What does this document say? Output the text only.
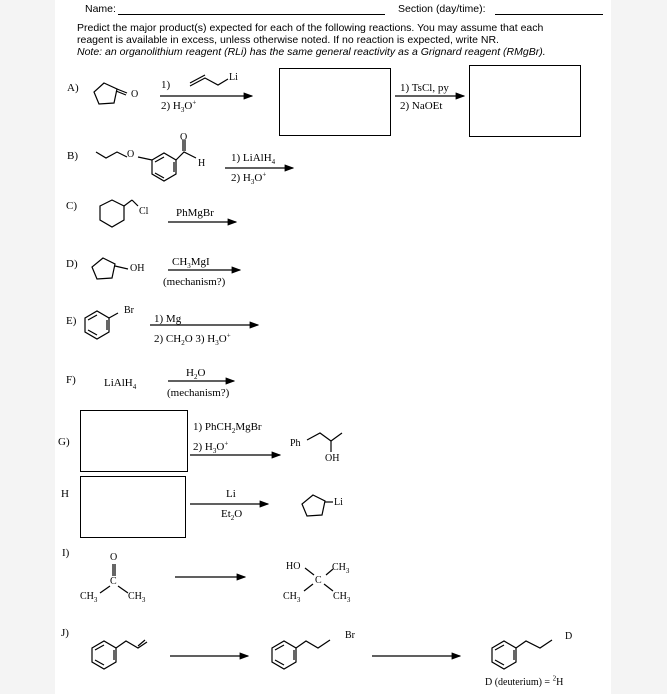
Name:	Section (day/time):
Predict the major product(s) expected for each of the following reactions. You may assume that each
reagent is available in excess, unless otherwise noted. If no reaction is expected, write NR.
Note: an organolithium reagent (RLi) has the same general reactivity as a Grignard reagent (RMgBr).
A)
O
1)
Li
2) $H_3O^+$
1) TsCl, py
2) NaOEt
B)	O
O
H 1) LiAlH$_4$
2) $H_3O^+$
C)	Cl	PhMgBr
D)	OH
$CH_3MgI$
(mechanism?)
E)
Br
1) Mg
2) $CH_2O$ 3) $H_3O^+$
F)	LiAlH$_4$
$H_2O$
(mechanism?)
G)
1) PhCH$_2$MgBr
2) $H_3O^+$	Ph
OH
H	Li
$Et_2O$
Li
I)	O
C
$CH_3$	$CH_3$
HO	$CH_3$
C
$CH_3$	$CH_3$
J)	Br	D
D (deuterium) = $^2$H
